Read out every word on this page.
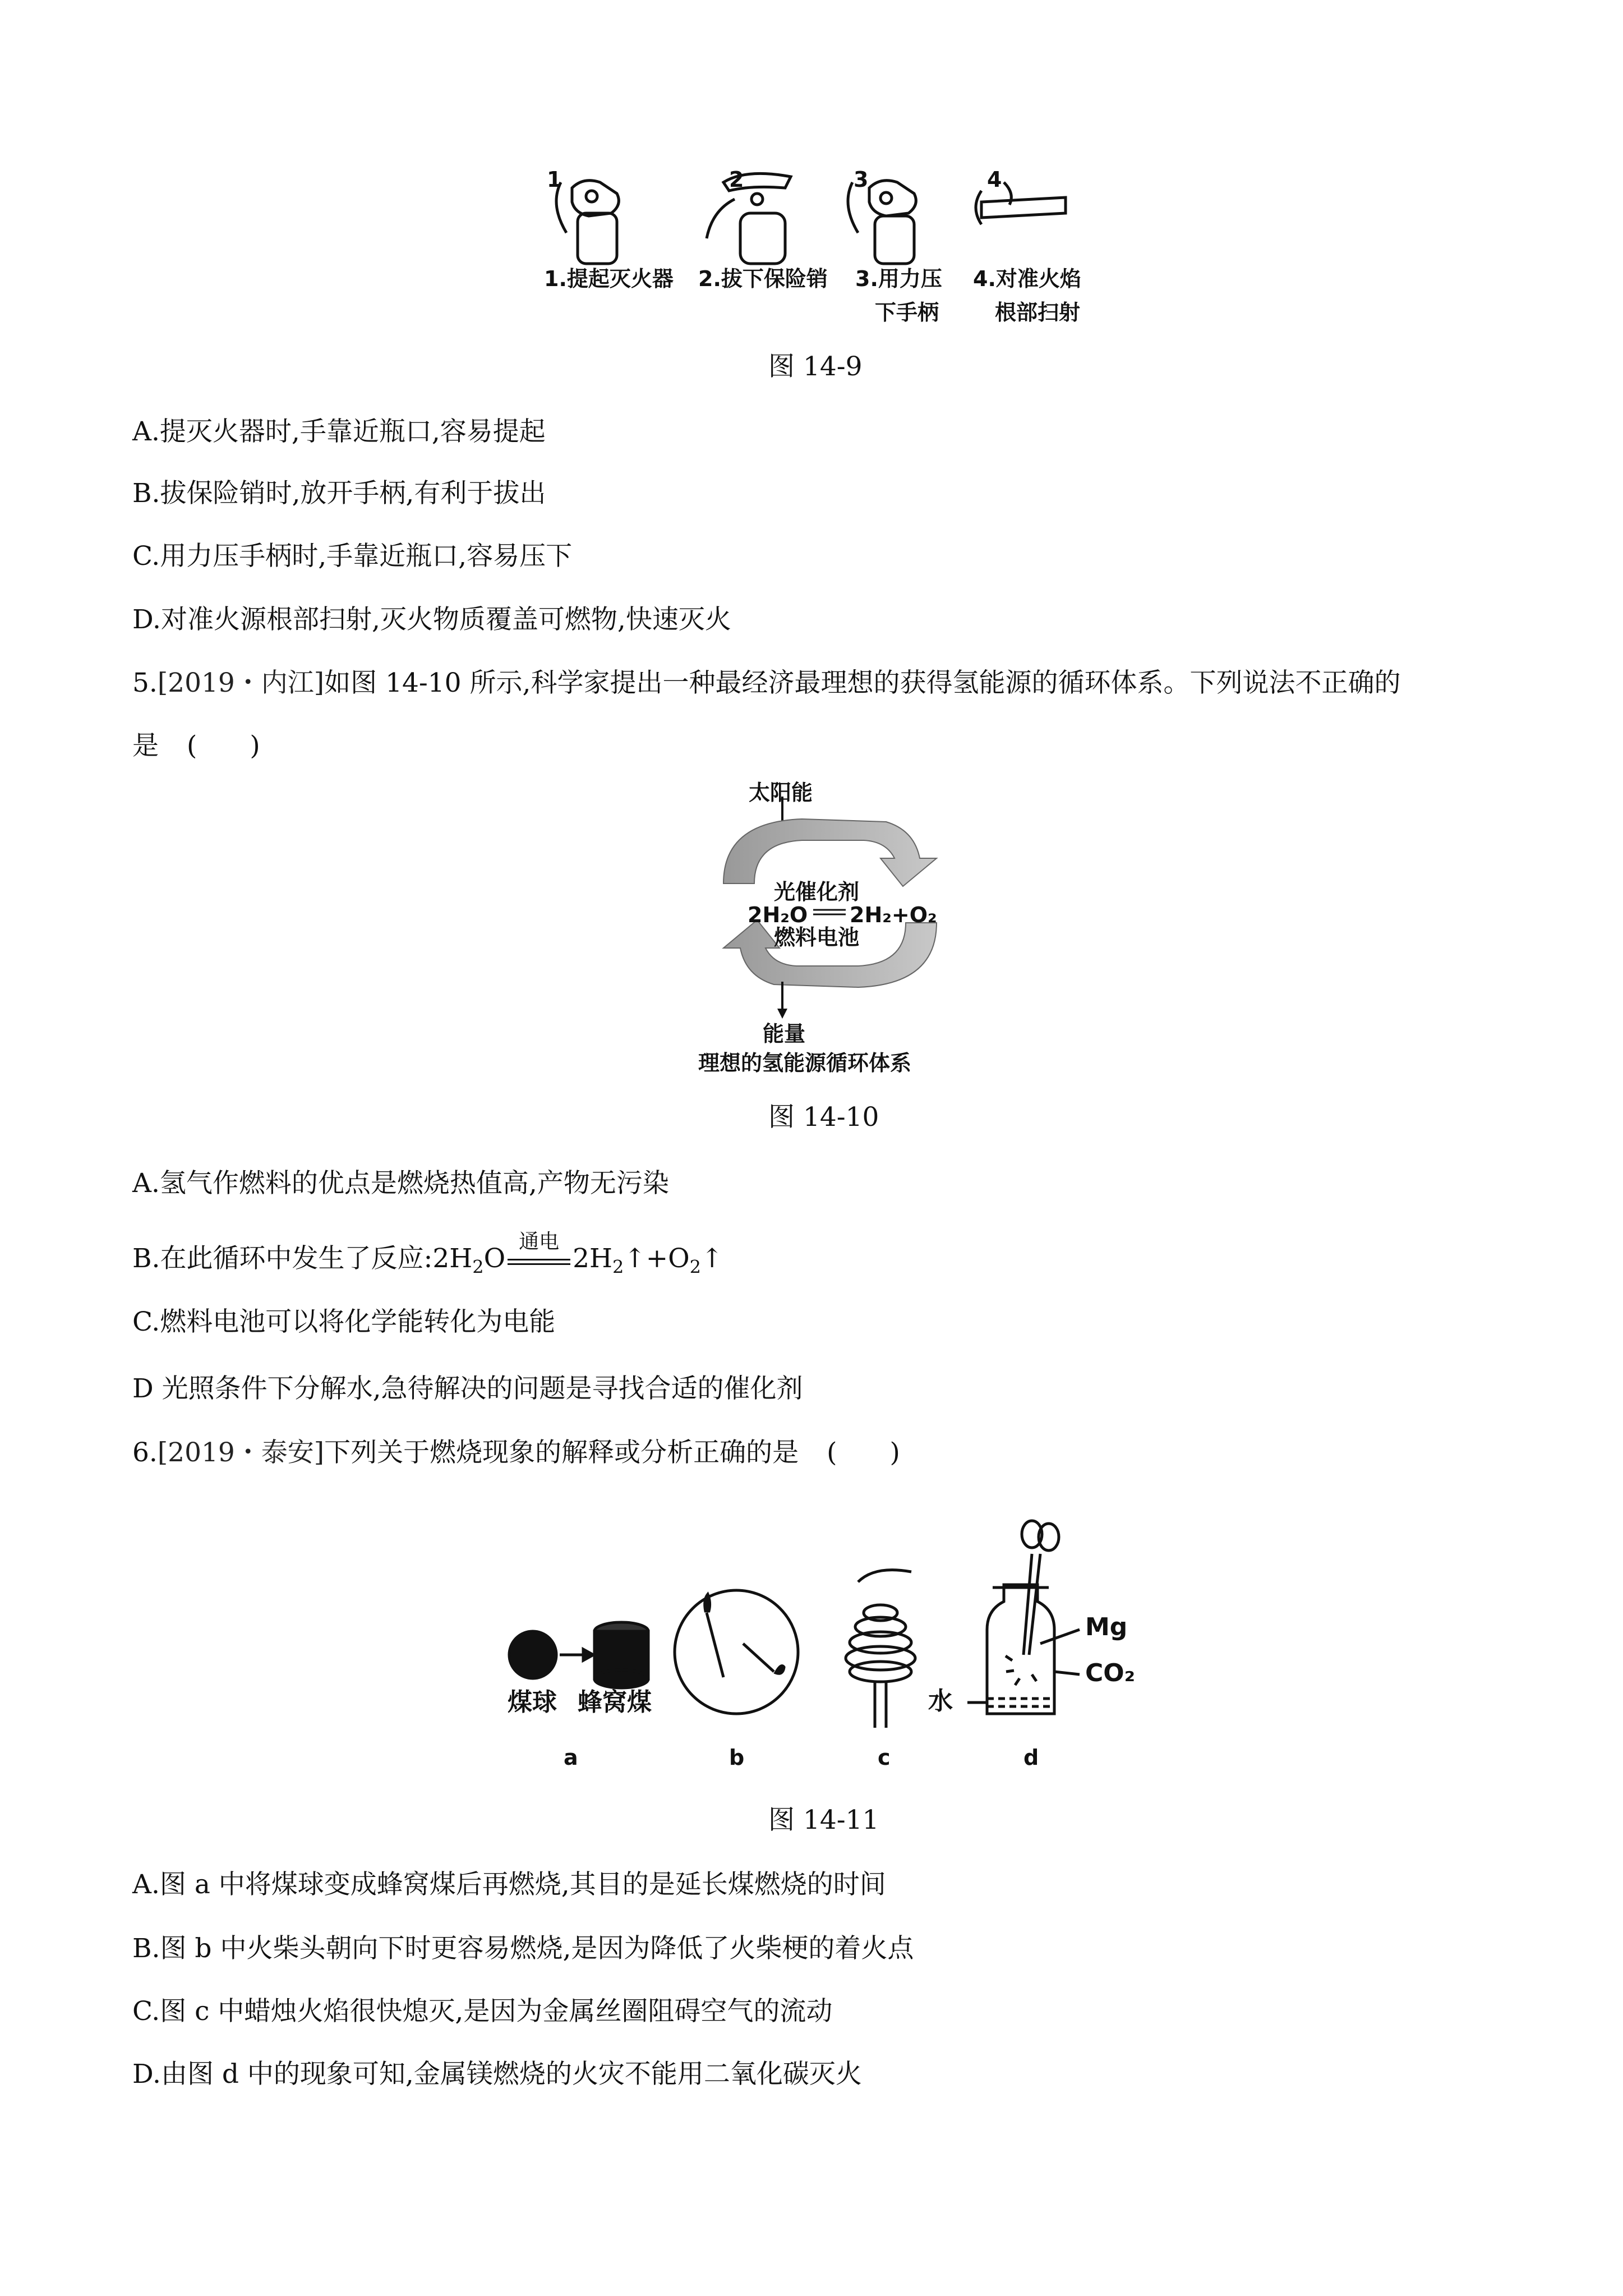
1	2	3	4
1.提起灭火器 2.拔下保险销 3.用力压
下手柄
4.对准火焰
根部扫射
图 14-9
A.提灭火器时,手靠近瓶口,容易提起
B.拔保险销时,放开手柄,有利于拔出
C.用力压手柄时,手靠近瓶口,容易压下
D.对准火源根部扫射,灭火物质覆盖可燃物,快速灭火
5.[2019・内江]如图 14-10 所示,科学家提出一种最经济最理想的获得氢能源的循环体系。下列说法不正确的
是 (　　)
太阳能
光催化剂
2H₂O 2H₂+O₂
燃料电池
能量
理想的氢能源循环体系
图 14-10
A.氢气作燃料的优点是燃烧热值高,产物无污染
B.在此循环中发生了反应$:2H_2O$
通电
$2H_2↑+O_2↑$
C.燃料电池可以将化学能转化为电能
D 光照条件下分解水,急待解决的问题是寻找合适的催化剂
6.[2019・泰安]下列关于燃烧现象的解释或分析正确的是 (　　)
煤球 蜂窝煤
Mg
CO₂
水
a	b	c	d
图 14-11
A.图 a 中将煤球变成蜂窝煤后再燃烧,其目的是延长煤燃烧的时间
B.图 b 中火柴头朝向下时更容易燃烧,是因为降低了火柴梗的着火点
C.图 c 中蜡烛火焰很快熄灭,是因为金属丝圈阻碍空气的流动
D.由图 d 中的现象可知,金属镁燃烧的火灾不能用二氧化碳灭火
